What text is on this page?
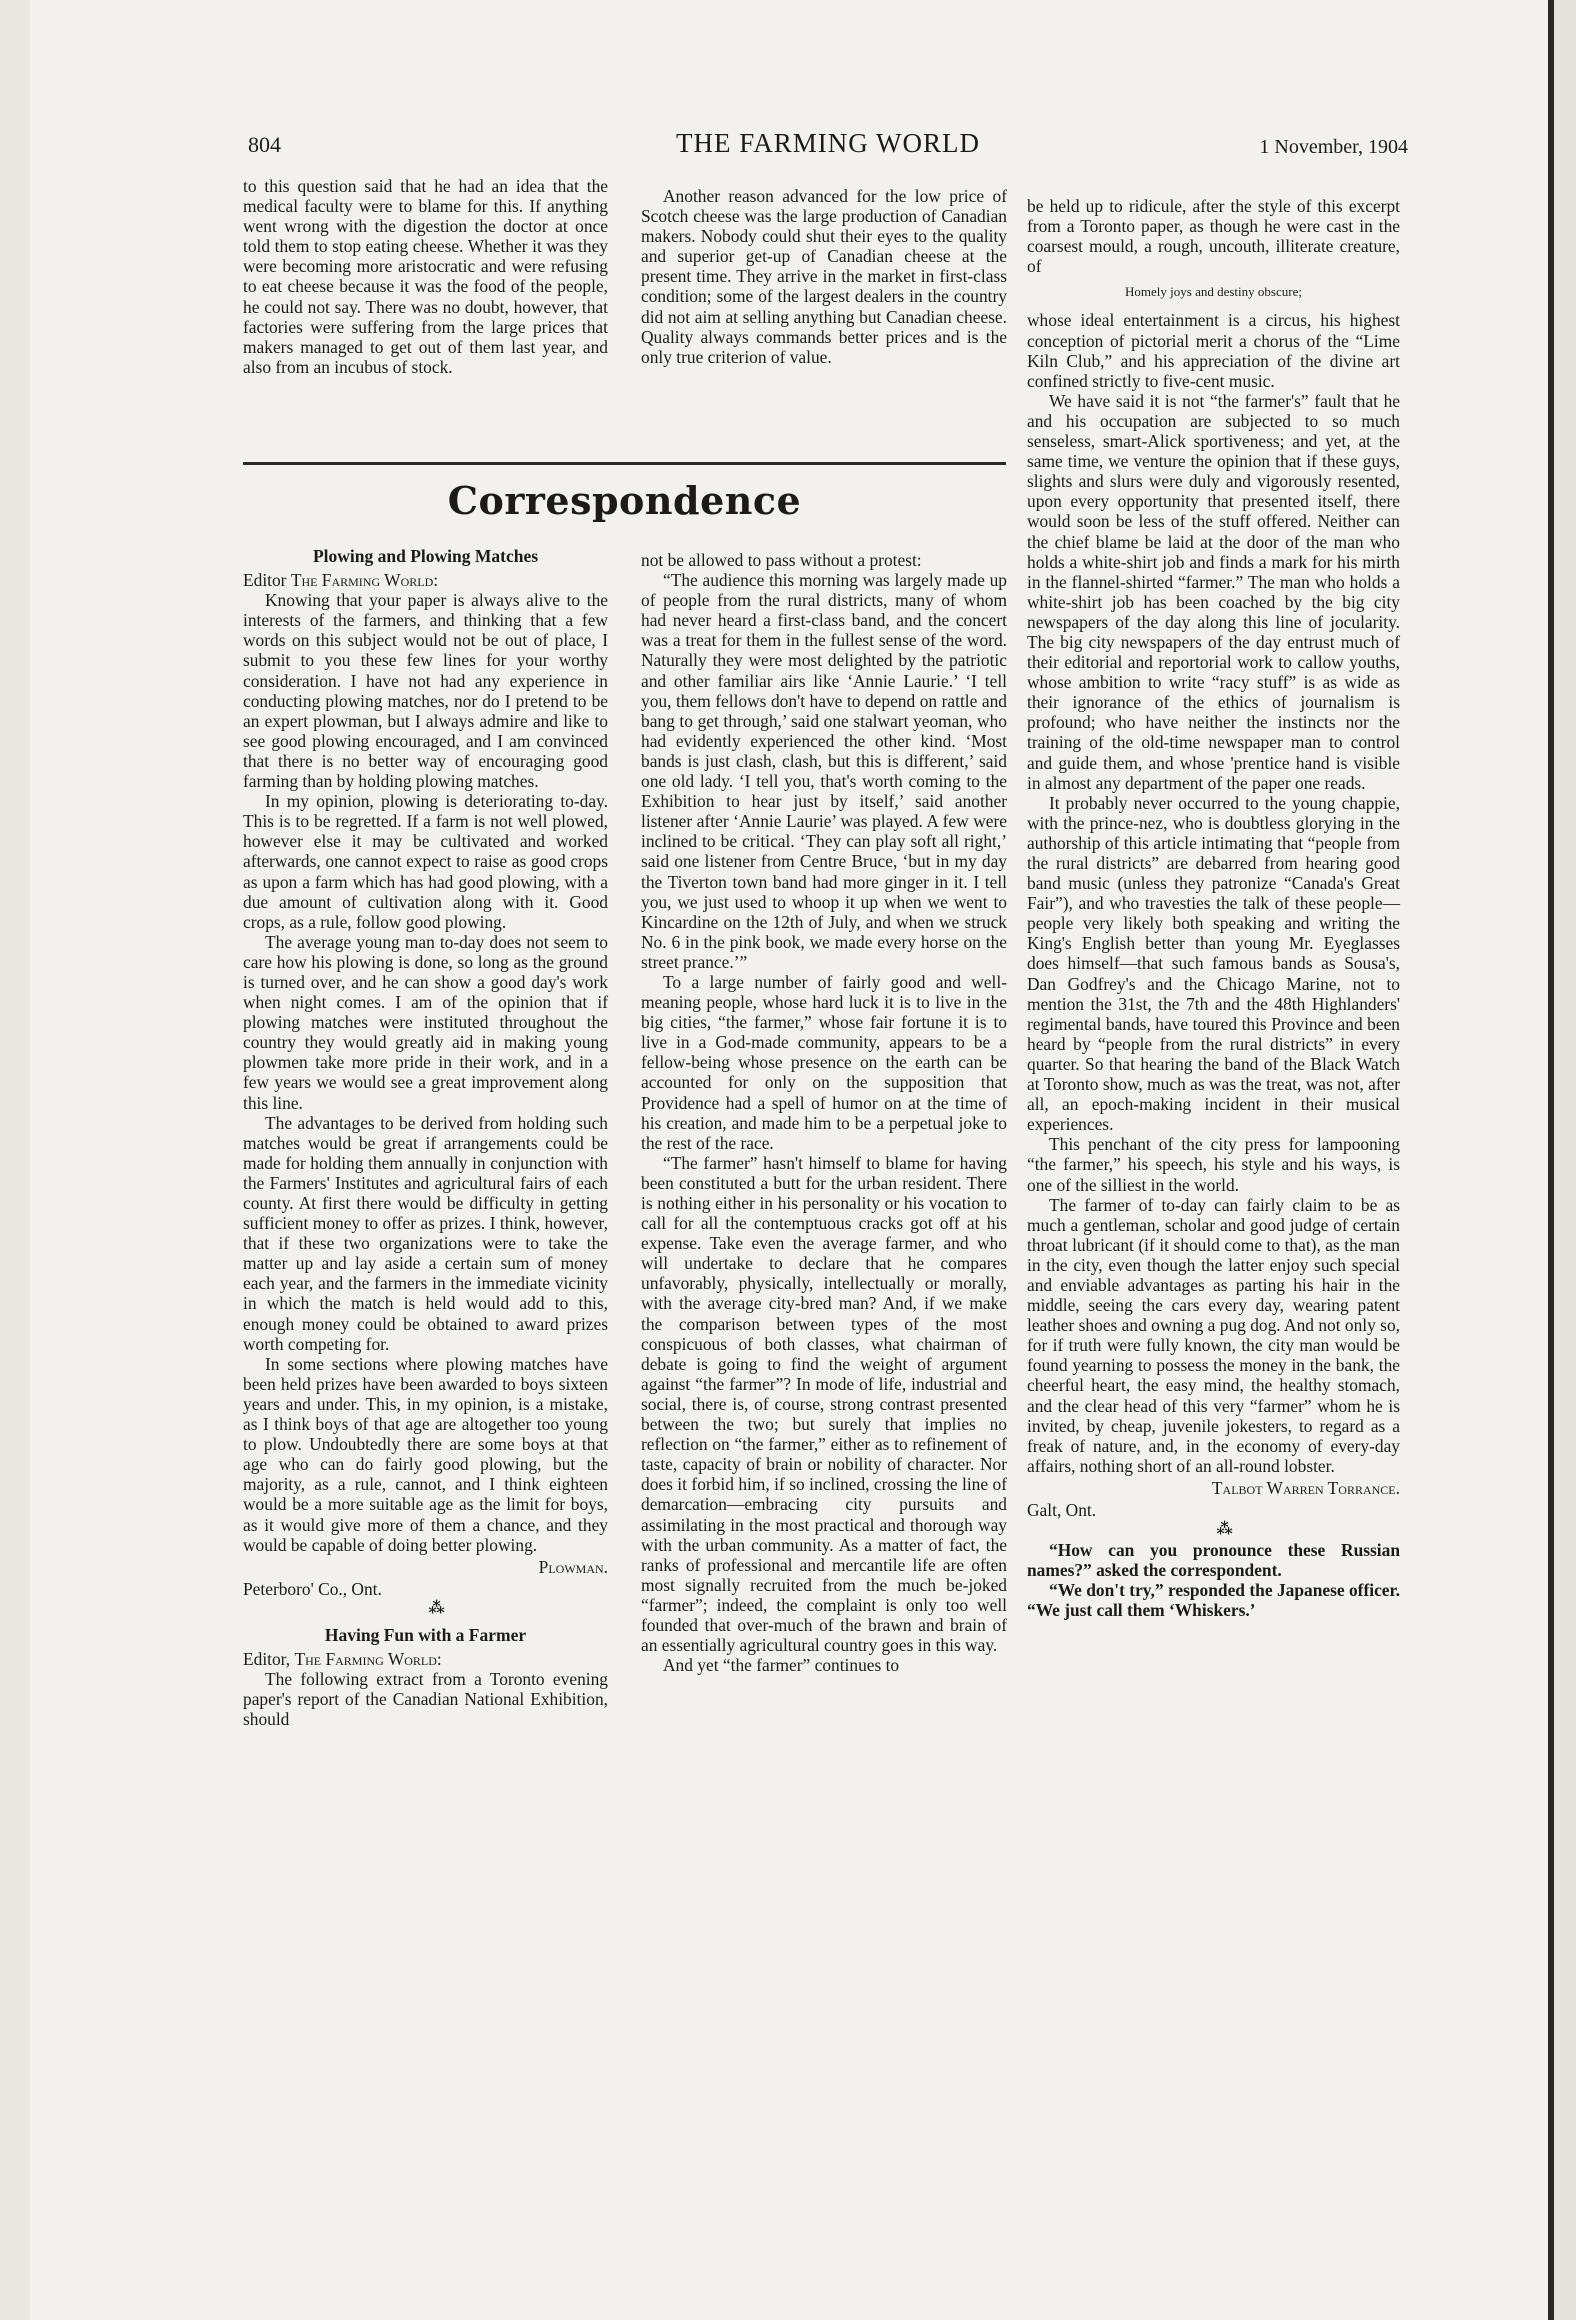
804	THE FARMING WORLD	1 November, 1904

to this question said that he had an idea that the medical faculty were to blame for this. If anything went wrong with the digestion the doctor at once told them to stop eating cheese. Whether it was they were becoming more aristocratic and were refusing to eat cheese because it was the food of the people, he could not say. There was no doubt, however, that factories were suffering from the large prices that makers managed to get out of them last year, and also from an incubus of stock.

Another reason advanced for the low price of Scotch cheese was the large production of Canadian makers. Nobody could shut their eyes to the quality and superior get-up of Canadian cheese at the present time. They arrive in the market in first-class condition; some of the largest dealers in the country did not aim at selling anything but Canadian cheese. Quality always commands better prices and is the only true criterion of value.

Correspondence

Plowing and Plowing Matches

Editor The Farming World:

Knowing that your paper is always alive to the interests of the farmers, and thinking that a few words on this subject would not be out of place, I submit to you these few lines for your worthy consideration. I have not had any experience in conducting plowing matches, nor do I pretend to be an expert plowman, but I always admire and like to see good plowing encouraged, and I am convinced that there is no better way of encouraging good farming than by holding plowing matches.

In my opinion, plowing is deteriorating to-day. This is to be regretted. If a farm is not well plowed, however else it may be cultivated and worked afterwards, one cannot expect to raise as good crops as upon a farm which has had good plowing, with a due amount of cultivation along with it. Good crops, as a rule, follow good plowing.

The average young man to-day does not seem to care how his plowing is done, so long as the ground is turned over, and he can show a good day's work when night comes. I am of the opinion that if plowing matches were instituted throughout the country they would greatly aid in making young plowmen take more pride in their work, and in a few years we would see a great improvement along this line.

The advantages to be derived from holding such matches would be great if arrangements could be made for holding them annually in conjunction with the Farmers' Institutes and agricultural fairs of each county. At first there would be difficulty in getting sufficient money to offer as prizes. I think, however, that if these two organizations were to take the matter up and lay aside a certain sum of money each year, and the farmers in the immediate vicinity in which the match is held would add to this, enough money could be obtained to award prizes worth competing for.

In some sections where plowing matches have been held prizes have been awarded to boys sixteen years and under. This, in my opinion, is a mistake, as I think boys of that age are altogether too young to plow. Undoubtedly there are some boys at that age who can do fairly good plowing, but the majority, as a rule, cannot, and I think eighteen would be a more suitable age as the limit for boys, as it would give more of them a chance, and they would be capable of doing better plowing.

Plowman.

Peterboro' Co., Ont.

⁂

Having Fun with a Farmer

Editor, The Farming World:

The following extract from a Toronto evening paper's report of the Canadian National Exhibition, should

not be allowed to pass without a protest:

“The audience this morning was largely made up of people from the rural districts, many of whom had never heard a first-class band, and the concert was a treat for them in the fullest sense of the word. Naturally they were most delighted by the patriotic and other familiar airs like ‘Annie Laurie.’ ‘I tell you, them fellows don't have to depend on rattle and bang to get through,’ said one stalwart yeoman, who had evidently experienced the other kind. ‘Most bands is just clash, clash, but this is different,’ said one old lady. ‘I tell you, that's worth coming to the Exhibition to hear just by itself,’ said another listener after ‘Annie Laurie’ was played. A few were inclined to be critical. ‘They can play soft all right,’ said one listener from Centre Bruce, ‘but in my day the Tiverton town band had more ginger in it. I tell you, we just used to whoop it up when we went to Kincardine on the 12th of July, and when we struck No. 6 in the pink book, we made every horse on the street prance.’”

To a large number of fairly good and well-meaning people, whose hard luck it is to live in the big cities, “the farmer,” whose fair fortune it is to live in a God-made community, appears to be a fellow-being whose presence on the earth can be accounted for only on the supposition that Providence had a spell of humor on at the time of his creation, and made him to be a perpetual joke to the rest of the race.

“The farmer” hasn't himself to blame for having been constituted a butt for the urban resident. There is nothing either in his personality or his vocation to call for all the contemptuous cracks got off at his expense. Take even the average farmer, and who will undertake to declare that he compares unfavorably, physically, intellectually or morally, with the average city-bred man? And, if we make the comparison between types of the most conspicuous of both classes, what chairman of debate is going to find the weight of argument against “the farmer”? In mode of life, industrial and social, there is, of course, strong contrast presented between the two; but surely that implies no reflection on “the farmer,” either as to refinement of taste, capacity of brain or nobility of character. Nor does it forbid him, if so inclined, crossing the line of demarcation—embracing city pursuits and assimilating in the most practical and thorough way with the urban community. As a matter of fact, the ranks of professional and mercantile life are often most signally recruited from the much be-joked “farmer”; indeed, the complaint is only too well founded that over-much of the brawn and brain of an essentially agricultural country goes in this way.

And yet “the farmer” continues to

be held up to ridicule, after the style of this excerpt from a Toronto paper, as though he were cast in the coarsest mould, a rough, uncouth, illiterate creature, of

Homely joys and destiny obscure;

whose ideal entertainment is a circus, his highest conception of pictorial merit a chorus of the “Lime Kiln Club,” and his appreciation of the divine art confined strictly to five-cent music.

We have said it is not “the farmer's” fault that he and his occupation are subjected to so much senseless, smart-Alick sportiveness; and yet, at the same time, we venture the opinion that if these guys, slights and slurs were duly and vigorously resented, upon every opportunity that presented itself, there would soon be less of the stuff offered. Neither can the chief blame be laid at the door of the man who holds a white-shirt job and finds a mark for his mirth in the flannel-shirted “farmer.” The man who holds a white-shirt job has been coached by the big city newspapers of the day along this line of jocularity. The big city newspapers of the day entrust much of their editorial and reportorial work to callow youths, whose ambition to write “racy stuff” is as wide as their ignorance of the ethics of journalism is profound; who have neither the instincts nor the training of the old-time newspaper man to control and guide them, and whose 'prentice hand is visible in almost any department of the paper one reads.

It probably never occurred to the young chappie, with the prince-nez, who is doubtless glorying in the authorship of this article intimating that “people from the rural districts” are debarred from hearing good band music (unless they patronize “Canada's Great Fair”), and who travesties the talk of these people—people very likely both speaking and writing the King's English better than young Mr. Eyeglasses does himself—that such famous bands as Sousa's, Dan Godfrey's and the Chicago Marine, not to mention the 31st, the 7th and the 48th Highlanders' regimental bands, have toured this Province and been heard by “people from the rural districts” in every quarter. So that hearing the band of the Black Watch at Toronto show, much as was the treat, was not, after all, an epoch-making incident in their musical experiences.

This penchant of the city press for lampooning “the farmer,” his speech, his style and his ways, is one of the silliest in the world.

The farmer of to-day can fairly claim to be as much a gentleman, scholar and good judge of certain throat lubricant (if it should come to that), as the man in the city, even though the latter enjoy such special and enviable advantages as parting his hair in the middle, seeing the cars every day, wearing patent leather shoes and owning a pug dog. And not only so, for if truth were fully known, the city man would be found yearning to possess the money in the bank, the cheerful heart, the easy mind, the healthy stomach, and the clear head of this very “farmer” whom he is invited, by cheap, juvenile jokesters, to regard as a freak of nature, and, in the economy of every-day affairs, nothing short of an all-round lobster.

Talbot Warren Torrance.

Galt, Ont.

⁂

“How can you pronounce these Russian names?” asked the correspondent.

“We don't try,” responded the Japanese officer. “We just call them ‘Whiskers.’
